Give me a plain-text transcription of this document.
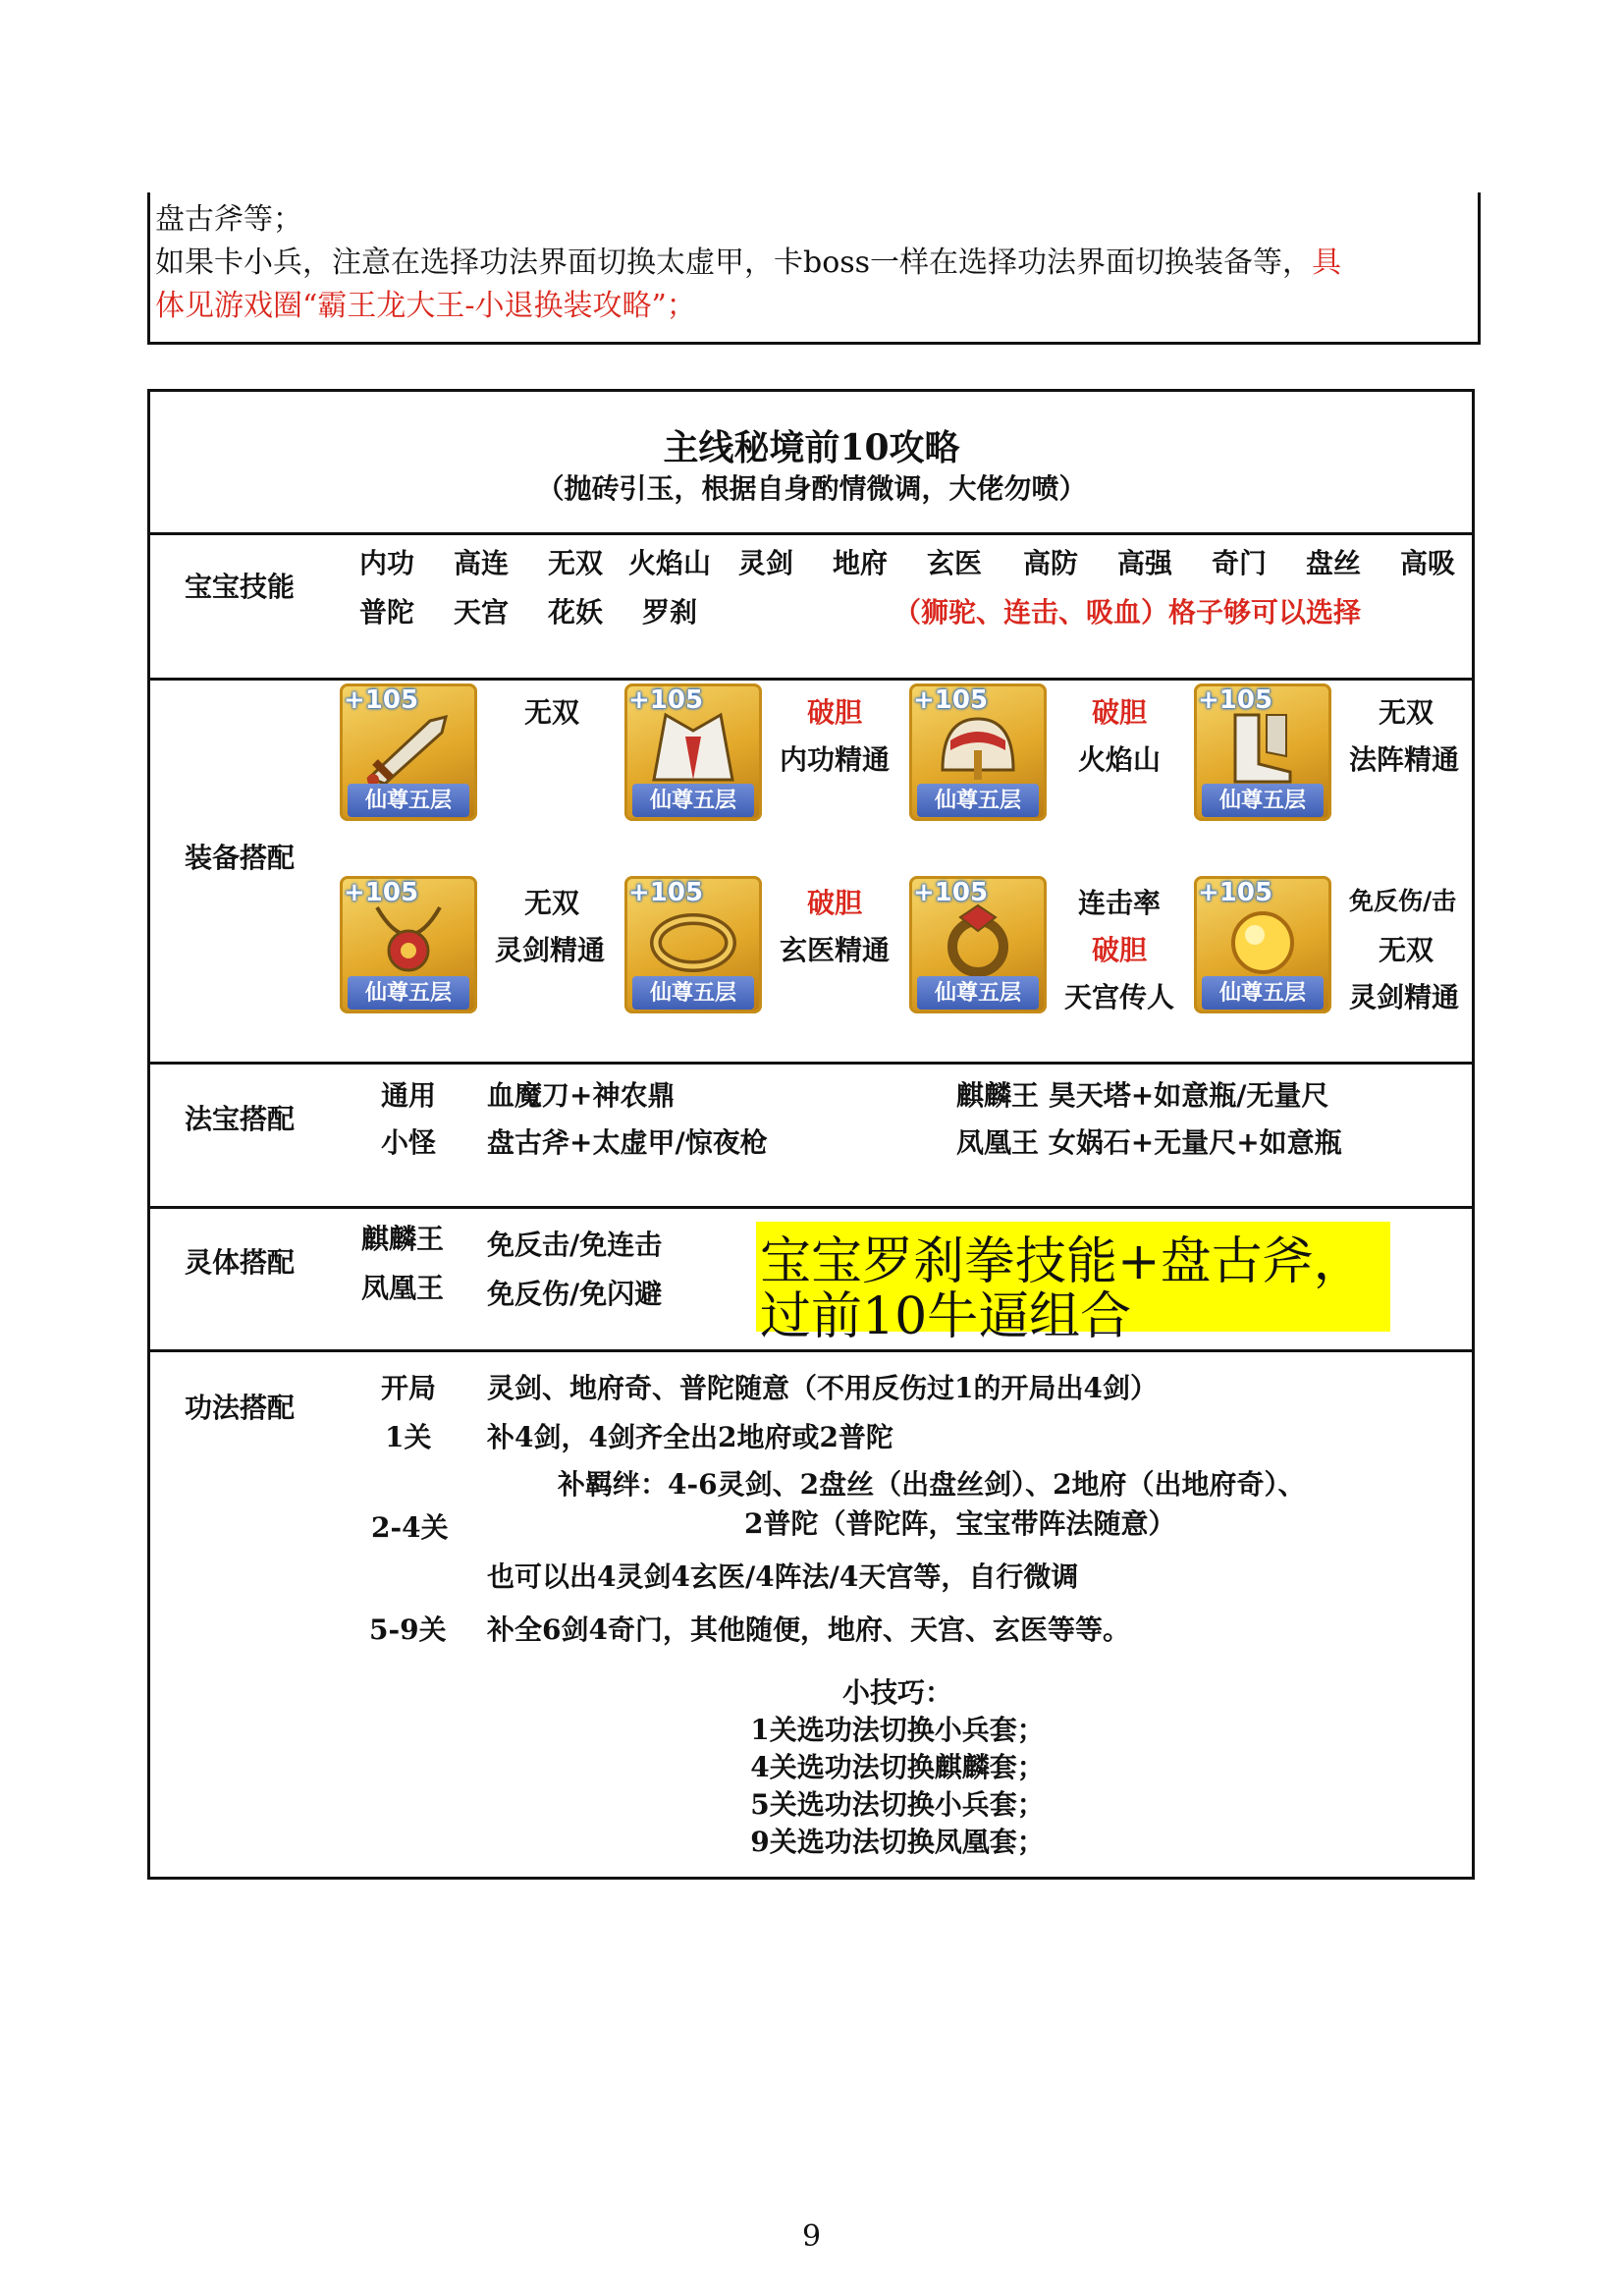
盘古斧等；
如果卡小兵，注意在选择功法界面切换太虚甲，卡boss一样在选择功法界面切换装备等，具
体见游戏圈“霸王龙大王-小退换装攻略”；
主线秘境前10攻略
（抛砖引玉，根据自身酌情微调，大佬勿喷）
宝宝技能
内功 高连 无双 火焰山 灵剑 地府 玄医 高防 高强 奇门 盘丝 高吸
普陀 天宫 花妖 罗刹	（狮驼、连击、吸血）格子够可以选择
装备搭配
+105
仙尊五层
+105
仙尊五层
+105
仙尊五层
+105
仙尊五层
无双	破胆
内功精通
破胆
火焰山
无双
法阵精通
+105
仙尊五层
+105
仙尊五层
+105
仙尊五层
+105
仙尊五层
无双
灵剑精通
破胆
玄医精通
连击率
破胆
天宫传人
免反伤/击
无双
灵剑精通
法宝搭配
通用 血魔刀+神农鼎
小怪 盘古斧+太虚甲/惊夜枪
麒麟王 昊天塔+如意瓶/无量尺
凤凰王 女娲石+无量尺+如意瓶
灵体搭配
麒麟王 免反击/免连击
凤凰王 免反伤/免闪避
宝宝罗刹拳技能+盘古斧，
过前10牛逼组合
功法搭配
开局 灵剑、地府奇、普陀随意（不用反伤过1的开局出4剑）
1关 补4剑，4剑齐全出2地府或2普陀
2-4关
补羁绊：4-6灵剑、2盘丝（出盘丝剑）、2地府（出地府奇）、
2普陀（普陀阵，宝宝带阵法随意）
也可以出4灵剑4玄医/4阵法/4天宫等，自行微调
5-9关 补全6剑4奇门，其他随便，地府、天宫、玄医等等。
小技巧：
1关选功法切换小兵套；
4关选功法切换麒麟套；
5关选功法切换小兵套；
9关选功法切换凤凰套；
9
